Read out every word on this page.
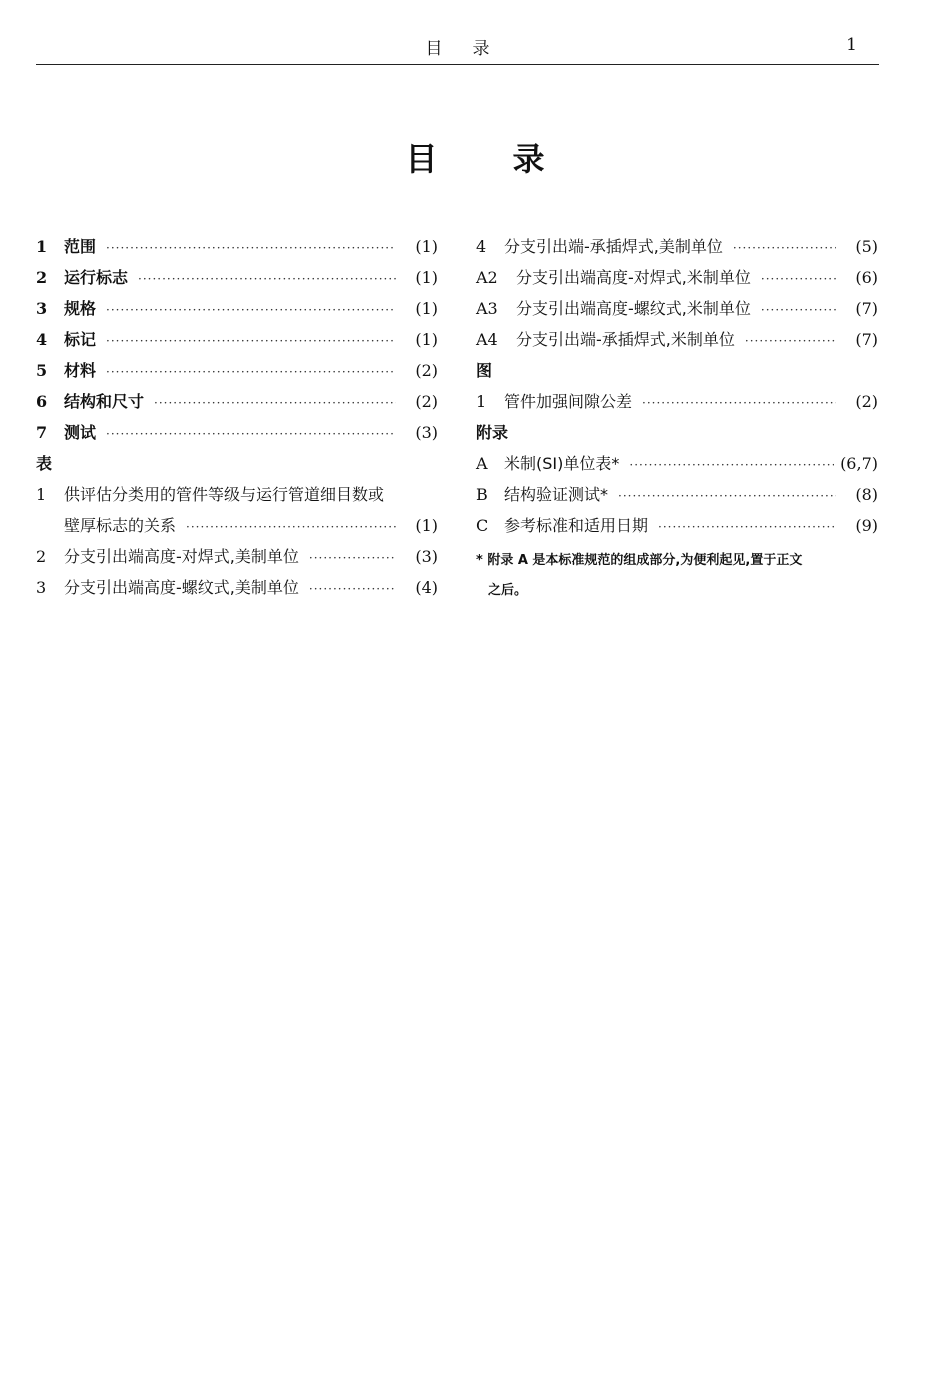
目录	1
目录
1	范围 ·····	(1)
2	运行标志 ·····	(1)
3	规格 ·····	(1)
4	标记 ·····	(1)
5	材料 ·····	(2)
6	结构和尺寸 ·····	(2)
7	测试 ·····	(3)
表
1	供评估分类用的管件等级与运行管道细目数或
壁厚标志的关系 ·····	(1)
2	分支引出端高度-对焊式,美制单位 ·····	(3)
3	分支引出端高度-螺纹式,美制单位 ·····	(4)
4	分支引出端-承插焊式,美制单位 ·····	(5)
A2	分支引出端高度-对焊式,米制单位 ·····	(6)
A3	分支引出端高度-螺纹式,米制单位 ·····	(7)
A4	分支引出端-承插焊式,米制单位 ·····	(7)
图
1	管件加强间隙公差 ·····	(2)
附录
A	米制(SI)单位表* ·····	(6,7)
B	结构验证测试* ·····	(8)
C 参考标准和适用日期 ·····	(9)
* 附录 A 是本标准规范的组成部分,为便利起见,置于正文
之后。
